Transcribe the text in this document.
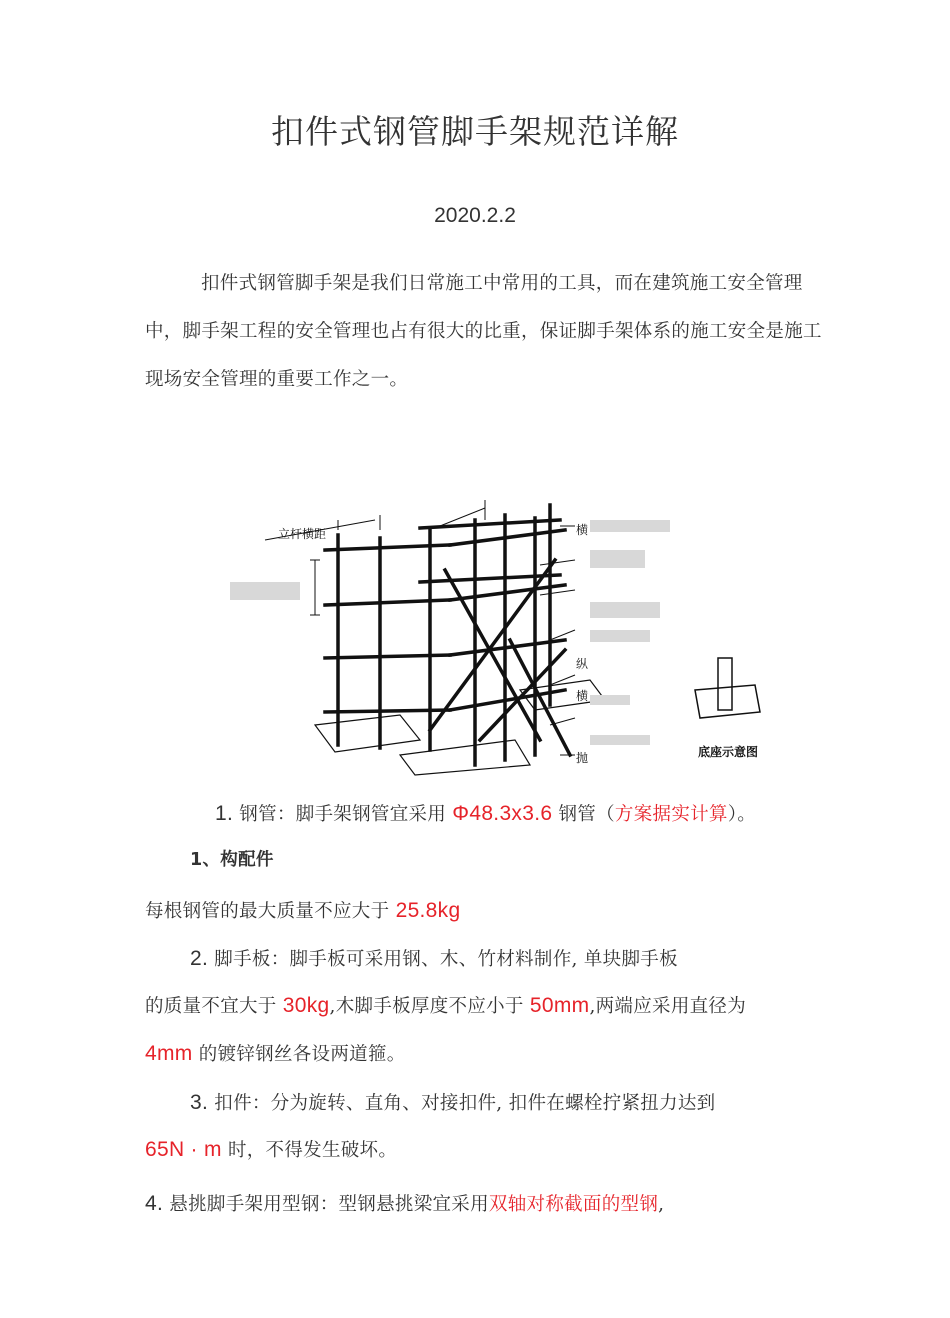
扣件式钢管脚手架规范详解
2020.2.2

扣件式钢管脚手架是我们日常施工中常用的工具，而在建筑施工安全管理中，脚手架工程的安全管理也占有很大的比重，保证脚手架体系的施工安全是施工现场安全管理的重要工作之一。

立杆横距	横
纵
横
抛	底座示意图
1. 钢管：脚手架钢管宜采用 Φ48.3x3.6 钢管（方案据实计算）。
1、构配件
每根钢管的最大质量不应大于 25.8kg
2. 脚手板：脚手板可采用钢、木、竹材料制作, 单块脚手板
的质量不宜大于 30kg,木脚手板厚度不应小于 50mm,两端应采用直径为
4mm 的镀锌钢丝各设两道箍。
3. 扣件：分为旋转、直角、对接扣件, 扣件在螺栓拧紧扭力达到
65N · m 时，不得发生破坏。
4. 悬挑脚手架用型钢：型钢悬挑梁宜采用双轴对称截面的型钢,
